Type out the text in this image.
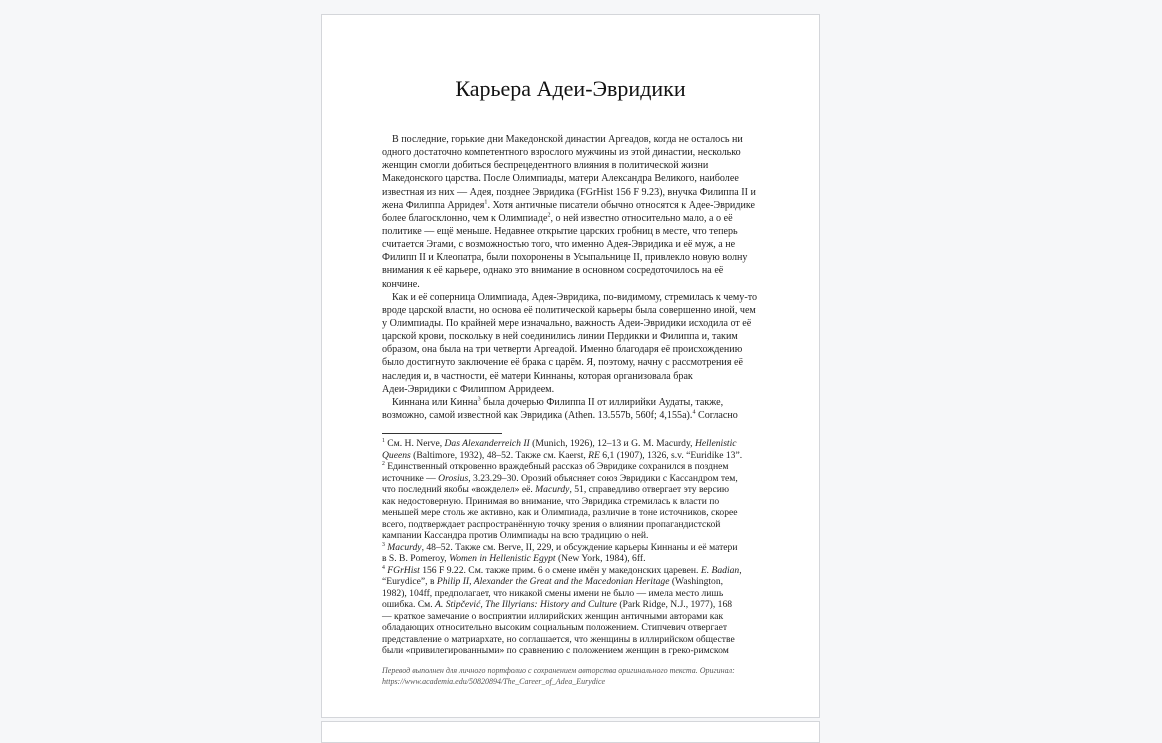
Карьера Адеи-Эвридики
В последние, горькие дни Македонской династии Аргеадов, когда не осталось ни
одного достаточно компетентного взрослого мужчины из этой династии, несколько
женщин смогли добиться беспрецедентного влияния в политической жизни
Македонского царства. После Олимпиады, матери Александра Великого, наиболее
известная из них — Адея, позднее Эвридика (FGrHist 156 F 9.23), внучка Филиппа II и
жена Филиппа Арридея$^1$. Хотя античные писатели обычно относятся к Адее-Эвридике
более благосклонно, чем к Олимпиаде$^2$, о ней известно относительно мало, а о её
политике — ещё меньше. Недавнее открытие царских гробниц в месте, что теперь
считается Эгами, с возможностью того, что именно Адея-Эвридика и её муж, а не
Филипп II и Клеопатра, были похоронены в Усыпальнице II, привлекло новую волну
внимания к её карьере, однако это внимание в основном сосредоточилось на её
кончине.
Как и её соперница Олимпиада, Адея-Эвридика, по-видимому, стремилась к чему-то
вроде царской власти, но основа её политической карьеры была совершенно иной, чем
у Олимпиады. По крайней мере изначально, важность Адеи-Эвридики исходила от её
царской крови, поскольку в ней соединились линии Пердикки и Филиппа и, таким
образом, она была на три четверти Аргеадой. Именно благодаря её происхождению
было достигнуто заключение её брака с царём. Я, поэтому, начну с рассмотрения её
наследия и, в частности, её матери Киннаны, которая организовала брак
Адеи-Эвридики с Филиппом Арридеем.
Киннана или Кинна$^3$ была дочерью Филиппа II от иллирийки Аудаты, также,
возможно, самой известной как Эвридика (Athen. 13.557b, 560f; 4,155a).$^4$ Согласно
$^1$ См. H. Nerve, Das Alexanderreich II (Munich, 1926), 12–13 и G. M. Macurdy, Hellenistic
Queens (Baltimore, 1932), 48–52. Также см. Kaerst, RE 6,1 (1907), 1326, s.v. “Euridike 13”.
$^2$ Единственный откровенно враждебный рассказ об Эвридике сохранился в позднем
источнике — Orosius, 3.23.29–30. Орозий объясняет союз Эвридики с Кассандром тем,
что последний якобы «вожделел» её. Macurdy, 51, справедливо отвергает эту версию
как недостоверную. Принимая во внимание, что Эвридика стремилась к власти по
меньшей мере столь же активно, как и Олимпиада, различие в тоне источников, скорее
всего, подтверждает распространённую точку зрения о влиянии пропагандистской
кампании Кассандра против Олимпиады на всю традицию о ней.
$^3$ Macurdy, 48–52. Также см. Berve, II, 229, и обсуждение карьеры Киннаны и её матери
в S. B. Pomeroy, Women in Hellenistic Egypt (New York, 1984), 6ff.
$^4$ FGrHist 156 F 9.22. См. также прим. 6 о смене имён у македонских царевен. E. Badian,
“Eurydice”, в Philip II, Alexander the Great and the Macedonian Heritage (Washington,
1982), 104ff, предполагает, что никакой смены имени не было — имела место лишь
ошибка. См. A. Stipčević, The Illyrians: History and Culture (Park Ridge, N.J., 1977), 168
— краткое замечание о восприятии иллирийских женщин античными авторами как
обладающих относительно высоким социальным положением. Стипчевич отвергает
представление о матриархате, но соглашается, что женщины в иллирийском обществе
были «привилегированными» по сравнению с положением женщин в греко-римском
Перевод выполнен для личного портфолио с сохранением авторства оригинального текста. Оригинал:
https://www.academia.edu/50820894/The_Career_of_Adea_Eurydice
